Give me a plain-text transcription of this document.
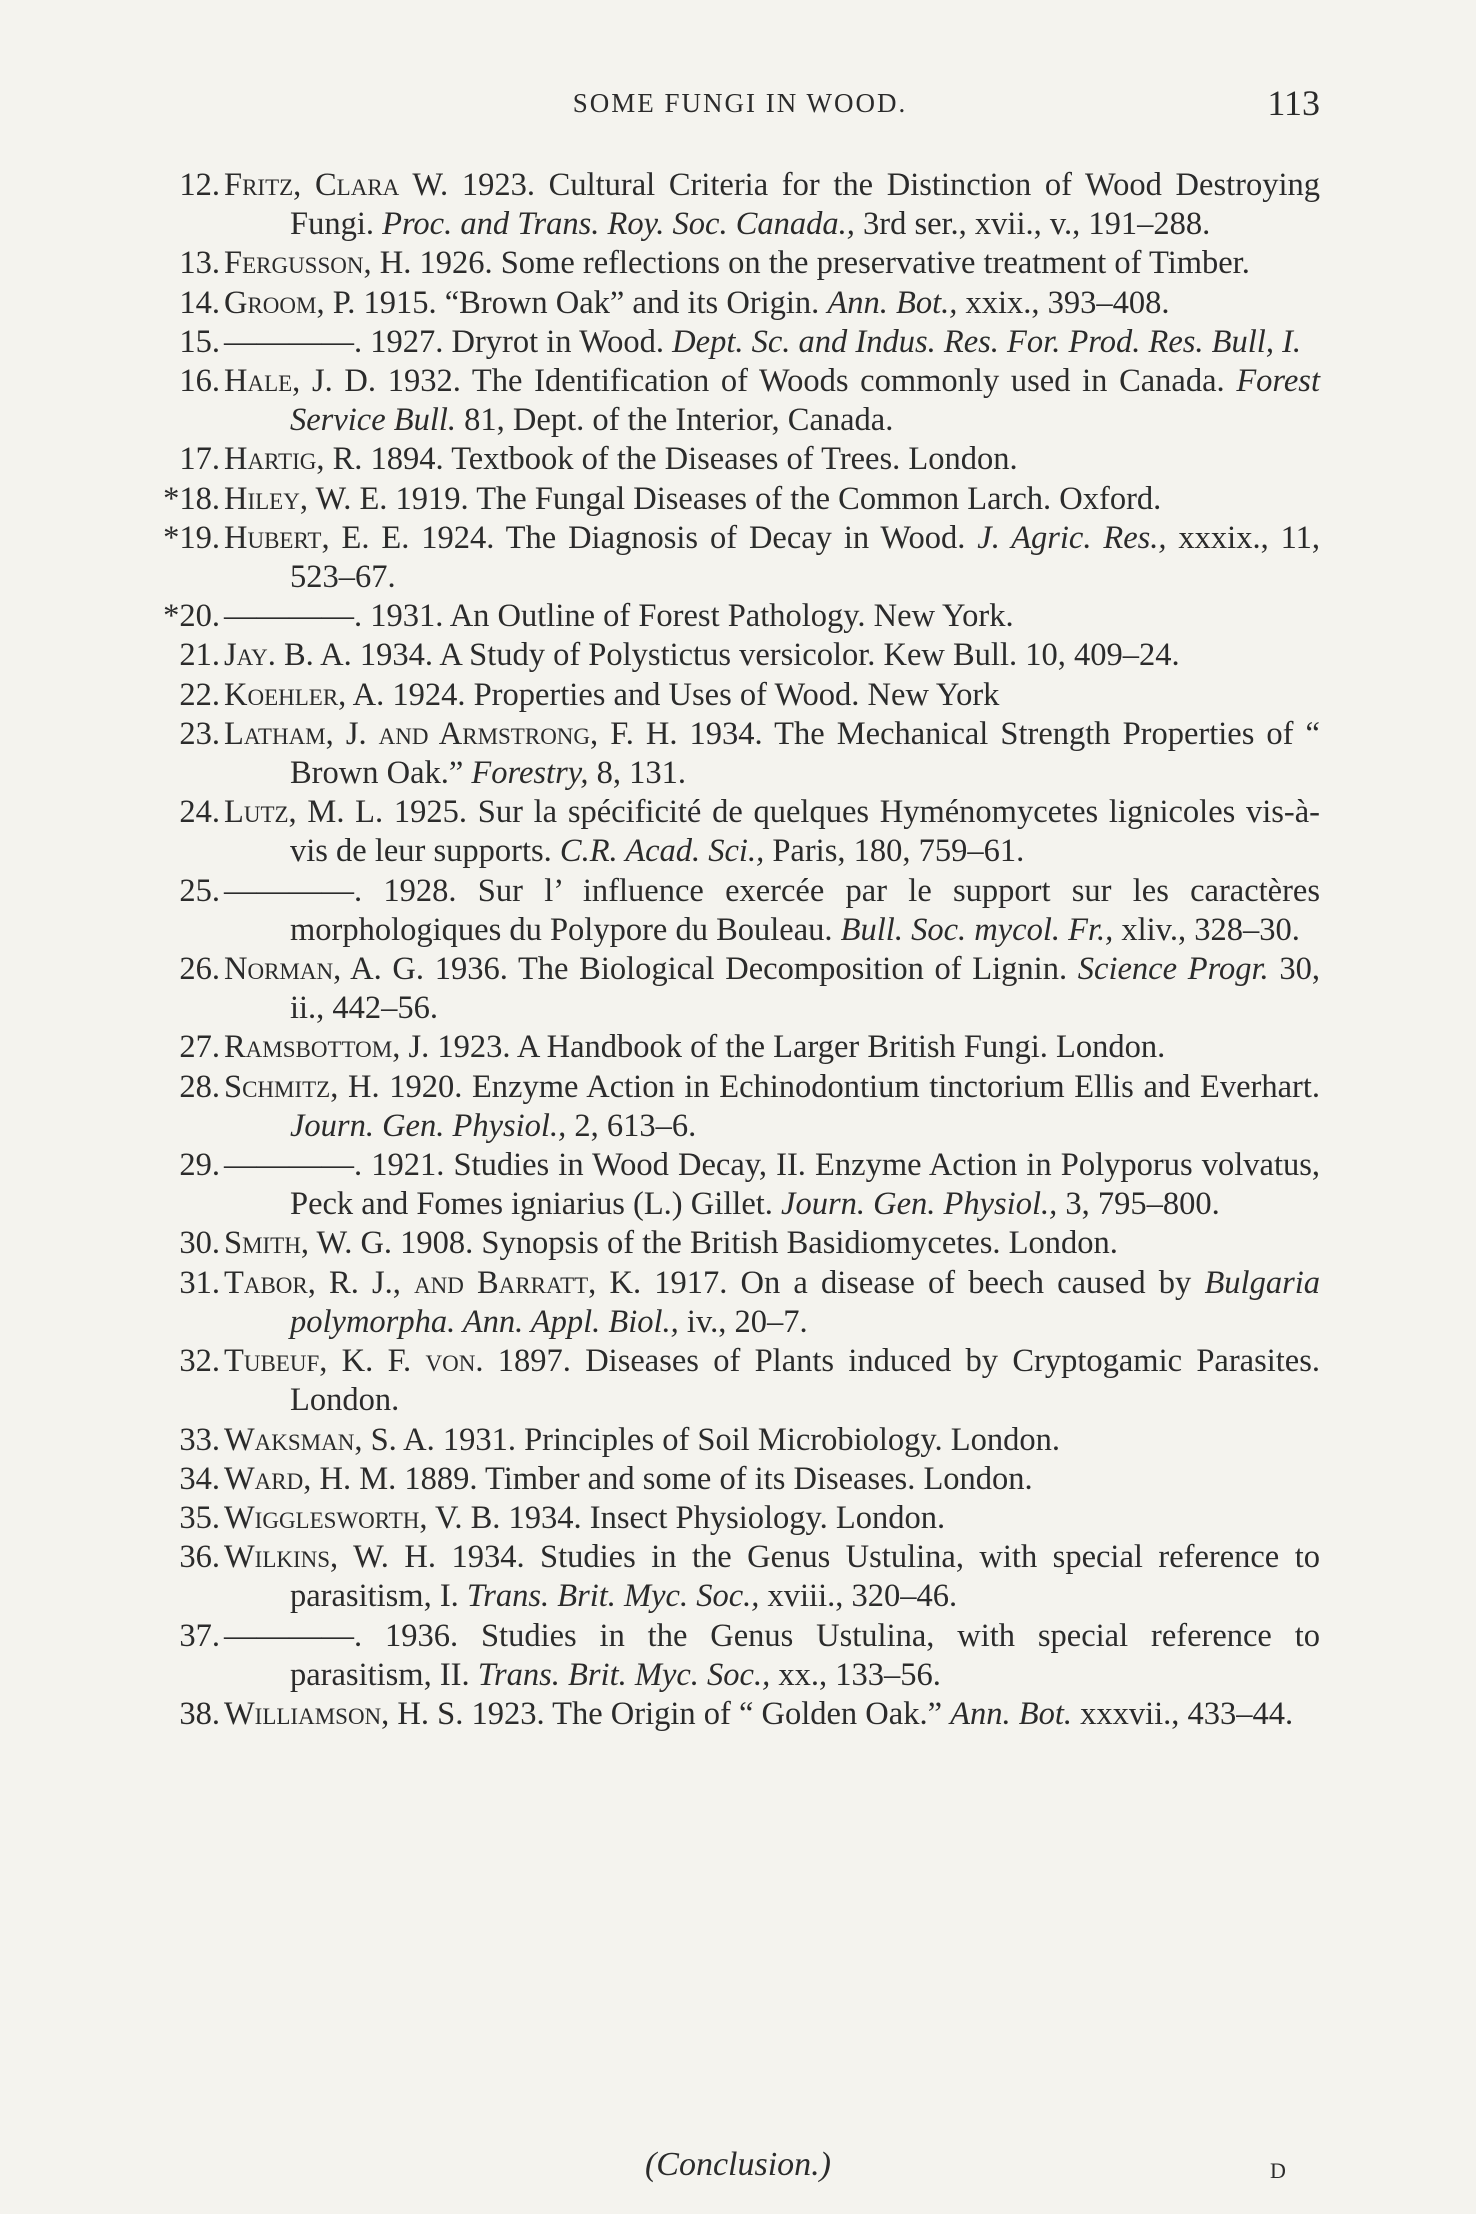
SOME FUNGI IN WOOD.	113
12. Fritz, Clara W. 1923. Cultural Criteria for the Distinction of Wood Destroying Fungi. Proc. and Trans. Roy. Soc. Canada., 3rd ser., xvii., v., 191–288.
13. Fergusson, H. 1926. Some reflections on the preservative treatment of Timber.
14. Groom, P. 1915. “Brown Oak” and its Origin. Ann. Bot., xxix., 393–408.
15. ————. 1927. Dryrot in Wood. Dept. Sc. and Indus. Res. For. Prod. Res. Bull, I.
16. Hale, J. D. 1932. The Identification of Woods commonly used in Canada. Forest Service Bull. 81, Dept. of the Interior, Canada.
17. Hartig, R. 1894. Textbook of the Diseases of Trees. London.
*18. Hiley, W. E. 1919. The Fungal Diseases of the Common Larch. Oxford.
*19. Hubert, E. E. 1924. The Diagnosis of Decay in Wood. J. Agric. Res., xxxix., 11, 523–67.
*20. ————. 1931. An Outline of Forest Pathology. New York.
21. Jay. B. A. 1934. A Study of Polystictus versicolor. Kew Bull. 10, 409–24.
22. Koehler, A. 1924. Properties and Uses of Wood. New York
23. Latham, J. and Armstrong, F. H. 1934. The Mechanical Strength Properties of “ Brown Oak.” Forestry, 8, 131.
24. Lutz, M. L. 1925. Sur la spécificité de quelques Hyménomycetes lignicoles vis-à-vis de leur supports. C.R. Acad. Sci., Paris, 180, 759–61.
25. ————. 1928. Sur l’ influence exercée par le support sur les caractères morphologiques du Polypore du Bouleau. Bull. Soc. mycol. Fr., xliv., 328–30.
26. Norman, A. G. 1936. The Biological Decomposition of Lignin. Science Progr. 30, ii., 442–56.
27. Ramsbottom, J. 1923. A Handbook of the Larger British Fungi. London.
28. Schmitz, H. 1920. Enzyme Action in Echinodontium tinctorium Ellis and Everhart. Journ. Gen. Physiol., 2, 613–6.
29. ————. 1921. Studies in Wood Decay, II. Enzyme Action in Polyporus volvatus, Peck and Fomes igniarius (L.) Gillet. Journ. Gen. Physiol., 3, 795–800.
30. Smith, W. G. 1908. Synopsis of the British Basidiomycetes. London.
31. Tabor, R. J., and Barratt, K. 1917. On a disease of beech caused by Bulgaria polymorpha. Ann. Appl. Biol., iv., 20–7.
32. Tubeuf, K. F. von. 1897. Diseases of Plants induced by Cryptogamic Parasites. London.
33. Waksman, S. A. 1931. Principles of Soil Microbiology. London.
34. Ward, H. M. 1889. Timber and some of its Diseases. London.
35. Wigglesworth, V. B. 1934. Insect Physiology. London.
36. Wilkins, W. H. 1934. Studies in the Genus Ustulina, with special reference to parasitism, I. Trans. Brit. Myc. Soc., xviii., 320–46.
37. ————. 1936. Studies in the Genus Ustulina, with special reference to parasitism, II. Trans. Brit. Myc. Soc., xx., 133–56.
38. Williamson, H. S. 1923. The Origin of “ Golden Oak.” Ann. Bot. xxxvii., 433–44.
(Conclusion.)	D
